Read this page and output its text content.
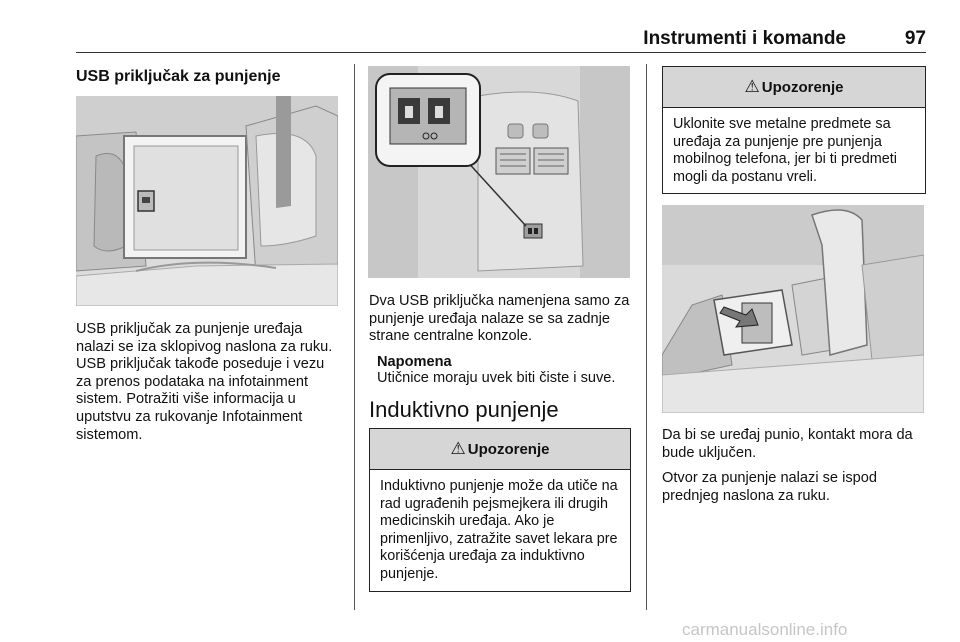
Instrumenti i komande	97
USB priključak za punjenje

USB priključak za punjenje uređaja nalazi se iza sklopivog naslona za ruku. USB priključak takođe poseduje i vezu za prenos podataka na infotainment sistem. Potražiti više informacija u uputstvu za rukovanje Infotainment sistemom.

Dva USB priključka namenjena samo za punjenje uređaja nalaze se sa zadnje strane centralne konzole.

Napomena
Utičnice moraju uvek biti čiste i suve.
Induktivno punjenje
⚠ Upozorenje
Induktivno punjenje može da utiče na rad ugrađenih pejsmejkera ili drugih medicinskih uređaja. Ako je primenljivo, zatražite savet lekara pre korišćenja uređaja za induktivno punjenje.
⚠ Upozorenje
Uklonite sve metalne predmete sa uređaja za punjenje pre punjenja mobilnog telefona, jer bi ti predmeti mogli da postanu vreli.

Da bi se uređaj punio, kontakt mora da bude uključen.

Otvor za punjenje nalazi se ispod prednjeg naslona za ruku.

carmanualsonline.info
